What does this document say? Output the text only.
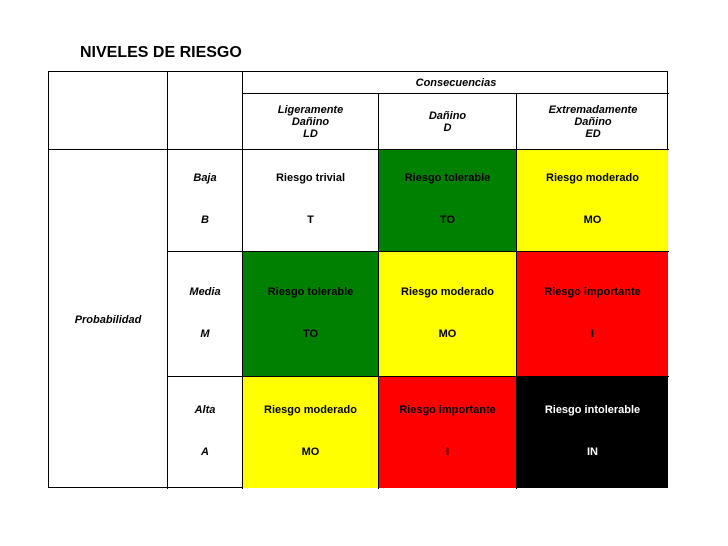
NIVELES DE RIESGO
Consecuencias
Ligeramente
Dañino
LD
Dañino
D
Extremadamente
Dañino
ED
Probabilidad
Baja
B
Riesgo trivial
T
Riesgo tolerable
TO
Riesgo moderado
MO
Media
M
Riesgo tolerable
TO
Riesgo moderado
MO
Riesgo importante
I
Alta
A
Riesgo moderado
MO
Riesgo importante
I
Riesgo intolerable
IN
